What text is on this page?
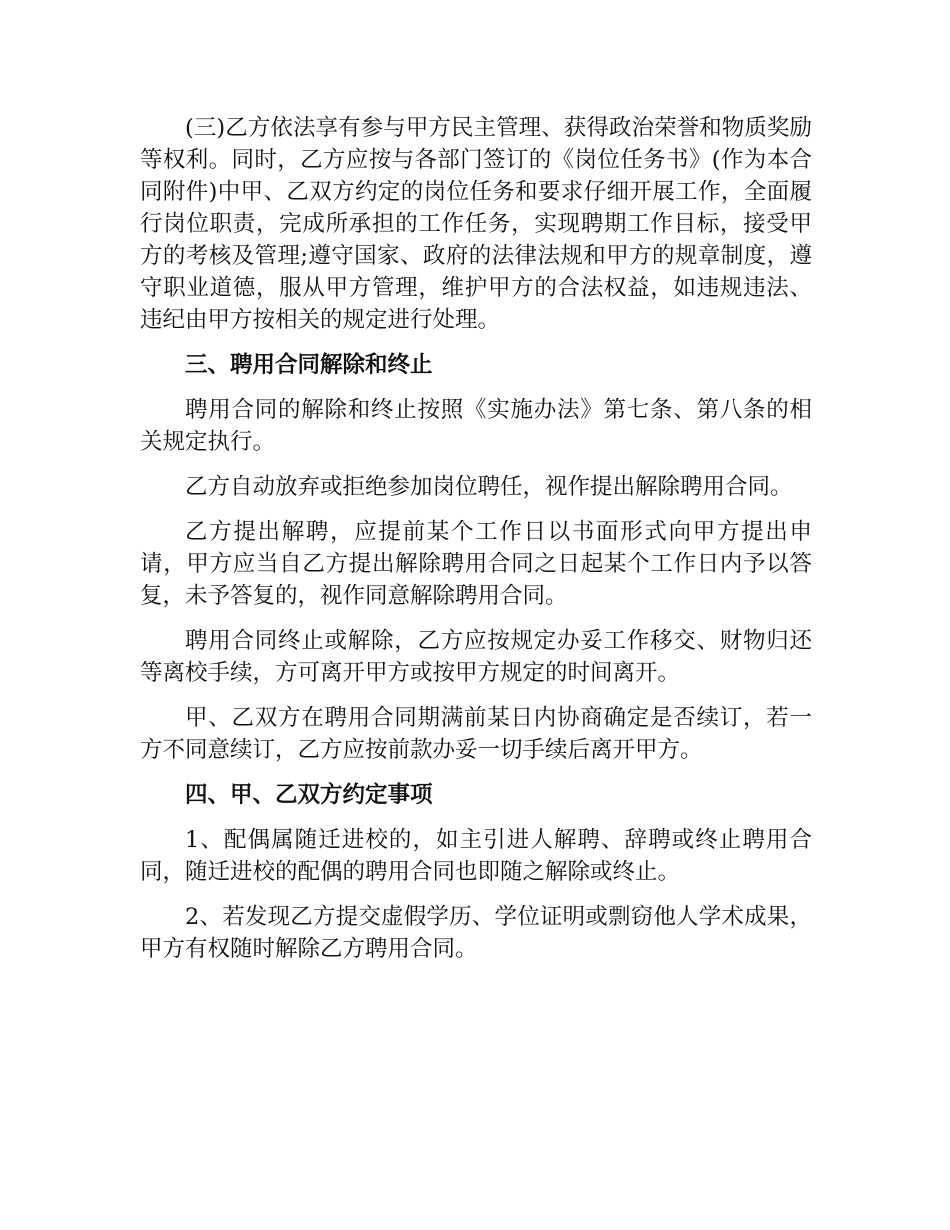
(三)乙方依法享有参与甲方民主管理、获得政治荣誉和物质奖励等权利。同时，乙方应按与各部门签订的《岗位任务书》(作为本合同附件)中甲、乙双方约定的岗位任务和要求仔细开展工作，全面履行岗位职责，完成所承担的工作任务，实现聘期工作目标，接受甲方的考核及管理;遵守国家、政府的法律法规和甲方的规章制度，遵守职业道德，服从甲方管理，维护甲方的合法权益，如违规违法、违纪由甲方按相关的规定进行处理。

三、聘用合同解除和终止

聘用合同的解除和终止按照《实施办法》第七条、第八条的相关规定执行。

乙方自动放弃或拒绝参加岗位聘任，视作提出解除聘用合同。

乙方提出解聘，应提前某个工作日以书面形式向甲方提出申请，甲方应当自乙方提出解除聘用合同之日起某个工作日内予以答复，未予答复的，视作同意解除聘用合同。

聘用合同终止或解除，乙方应按规定办妥工作移交、财物归还等离校手续，方可离开甲方或按甲方规定的时间离开。

甲、乙双方在聘用合同期满前某日内协商确定是否续订，若一方不同意续订，乙方应按前款办妥一切手续后离开甲方。

四、甲、乙双方约定事项

1、配偶属随迁进校的，如主引进人解聘、辞聘或终止聘用合同，随迁进校的配偶的聘用合同也即随之解除或终止。

2、若发现乙方提交虚假学历、学位证明或剽窃他人学术成果，甲方有权随时解除乙方聘用合同。
